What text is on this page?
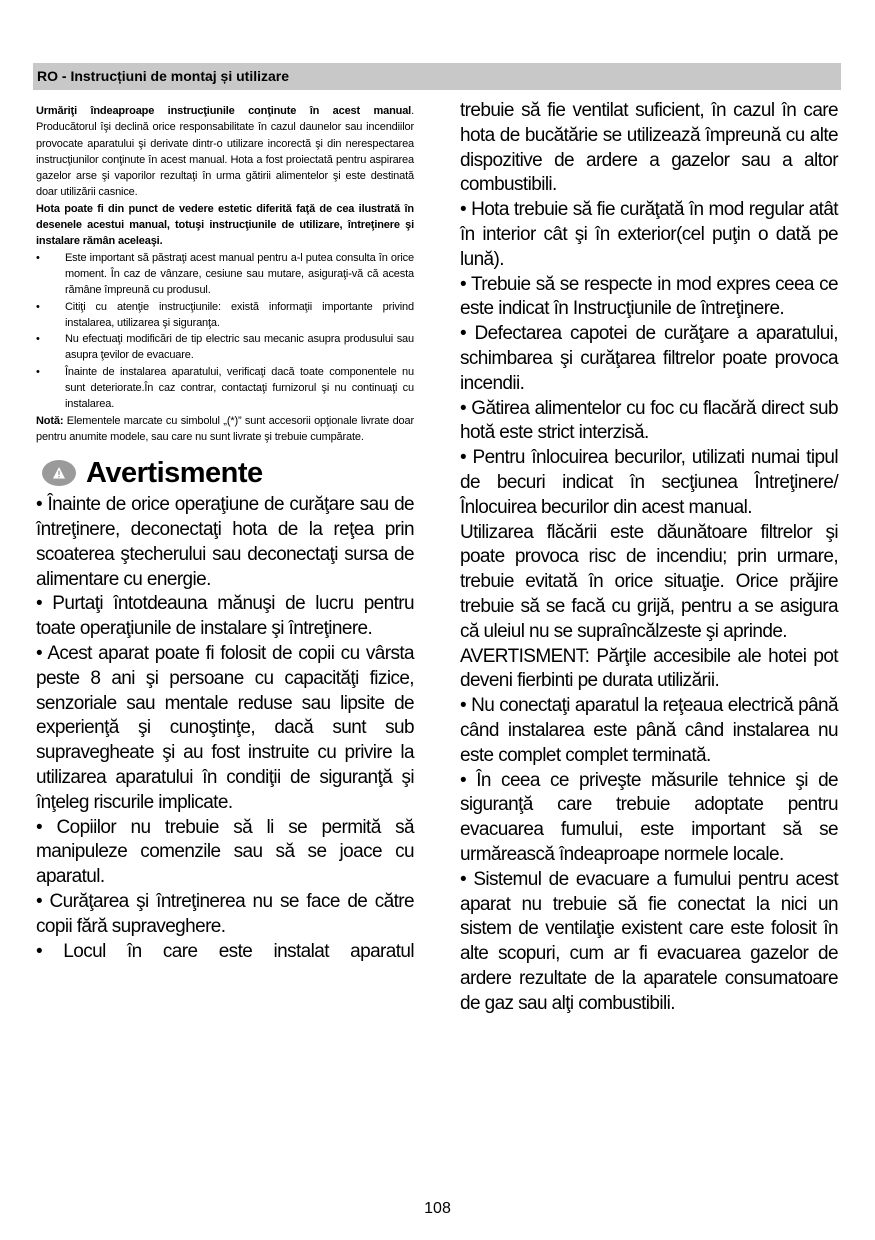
RO - Instrucțiuni de montaj și utilizare

Urmăriţi îndeaproape instrucţiunile conţinute în acest manual. Producătorul îşi declină orice responsabilitate în cazul daunelor sau incendiilor provocate aparatului şi derivate dintr-o utilizare incorectă şi din nerespectarea instrucţiunilor conţinute în acest manual. Hota a fost proiectată pentru aspirarea gazelor arse şi vaporilor rezultaţi în urma gătirii alimentelor şi este destinată doar utilizării casnice.

Hota poate fi din punct de vedere estetic diferită faţă de cea ilustrată în desenele acestui manual, totuşi instrucţiunile de utilizare, întreţinere şi instalare rămân aceleaşi.

• Este important să păstraţi acest manual pentru a-l putea consulta în orice moment. În caz de vânzare, cesiune sau mutare, asiguraţi-vă că acesta rămâne împreună cu produsul.
• Citiţi cu atenţie instrucţiunile: există informaţii importante privind instalarea, utilizarea şi siguranţa.
• Nu efectuaţi modificări de tip electric sau mecanic asupra produsului sau asupra ţevilor de evacuare.
• Înainte de instalarea aparatului, verificaţi dacă toate componentele nu sunt deteriorate.În caz contrar, contactaţi furnizorul şi nu continuaţi cu instalarea.

Notă: Elementele marcate cu simbolul „(*)” sunt accesorii opţionale livrate doar pentru anumite modele, sau care nu sunt livrate şi trebuie cumpărate.

Avertismente

• Înainte de orice operaţiune de curăţare sau de întreţinere, deconectaţi hota de la reţea prin scoaterea ştecherului sau deconectaţi sursa de alimentare cu energie.

• Purtaţi întotdeauna mănuşi de lucru pentru toate operaţiunile de instalare şi întreţinere.

• Acest aparat poate fi folosit de copii cu vârsta peste 8 ani şi persoane cu capacităţi fizice, senzoriale sau mentale reduse sau lipsite de experienţă şi cunoştinţe, dacă sunt sub supravegheate şi au fost instruite cu privire la utilizarea aparatului în condiţii de siguranţă şi înţeleg riscurile implicate.

• Copiilor nu trebuie să li se permită să manipuleze comenzile sau să se joace cu aparatul.

• Curăţarea şi întreţinerea nu se face de către copii fără supraveghere.

• Locul în care este instalat aparatul

trebuie să fie ventilat suficient, în cazul în care hota de bucătărie se utilizează împreună cu alte dispozitive de ardere a gazelor sau a altor combustibili.

• Hota trebuie să fie curăţată în mod regular atât în interior cât şi în exterior(cel puţin o dată pe lună).

• Trebuie să se respecte in mod expres ceea ce este indicat în Instrucţiunile de întreţinere.

• Defectarea capotei de curăţare a aparatului, schimbarea şi curăţarea filtrelor poate provoca incendii.

• Gătirea alimentelor cu foc cu flacără direct sub hotă este strict interzisă.

• Pentru înlocuirea becurilor, utilizati numai tipul de becuri indicat în secţiunea Întreţinere/Înlocuirea becurilor din acest manual.

Utilizarea flăcării este dăunătoare filtrelor şi poate provoca risc de incendiu; prin urmare, trebuie evitată în orice situaţie. Orice prăjire trebuie să se facă cu grijă, pentru a se asigura că uleiul nu se supraîncălzeste şi aprinde.

AVERTISMENT: Părţile accesibile ale hotei pot deveni fierbinti pe durata utilizării.

• Nu conectaţi aparatul la reţeaua electrică până când instalarea este până când instalarea nu este complet complet terminată.

• În ceea ce priveşte măsurile tehnice şi de siguranţă care trebuie adoptate pentru evacuarea fumului, este important să se urmărească îndeaproape normele locale.

• Sistemul de evacuare a fumului pentru acest aparat nu trebuie să fie conectat la nici un sistem de ventilaţie existent care este folosit în alte scopuri, cum ar fi evacuarea gazelor de ardere rezultate de la aparatele consumatoare de gaz sau alţi combustibili.

108
